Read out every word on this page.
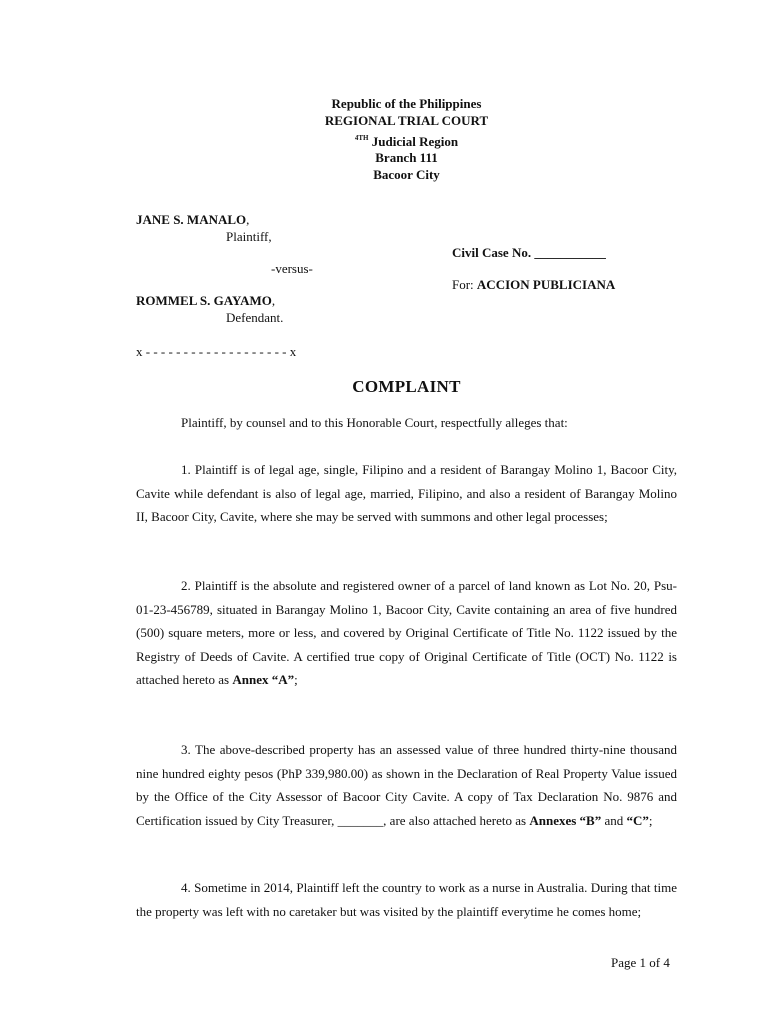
Republic of the Philippines
REGIONAL TRIAL COURT
$^{4TH}$ Judicial Region
Branch 111
Bacoor City
JANE S. MANALO,
Plaintiff,
Civil Case No. ___________
-versus-
For: ACCION PUBLICIANA
ROMMEL S. GAYAMO,
Defendant.
x - - - - - - - - - - - - - - - - - - - x
COMPLAINT
Plaintiff, by counsel and to this Honorable Court, respectfully alleges that:

1. Plaintiff is of legal age, single, Filipino and a resident of Barangay Molino 1, Bacoor City, Cavite while defendant is also of legal age, married, Filipino, and also a resident of Barangay Molino II, Bacoor City, Cavite, where she may be served with summons and other legal processes;

2. Plaintiff is the absolute and registered owner of a parcel of land known as Lot No. 20, Psu-01-23-456789, situated in Barangay Molino 1, Bacoor City, Cavite containing an area of five hundred (500) square meters, more or less, and covered by Original Certificate of Title No. 1122 issued by the Registry of Deeds of Cavite. A certified true copy of Original Certificate of Title (OCT) No. 1122 is attached hereto as Annex “A”;

3. The above-described property has an assessed value of three hundred thirty-nine thousand nine hundred eighty pesos (PhP 339,980.00) as shown in the Declaration of Real Property Value issued by the Office of the City Assessor of Bacoor City Cavite. A copy of Tax Declaration No. 9876 and Certification issued by City Treasurer, _______, are also attached hereto as Annexes “B” and “C”;

4. Sometime in 2014, Plaintiff left the country to work as a nurse in Australia. During that time the property was left with no caretaker but was visited by the plaintiff everytime he comes home;

Page 1 of 4
